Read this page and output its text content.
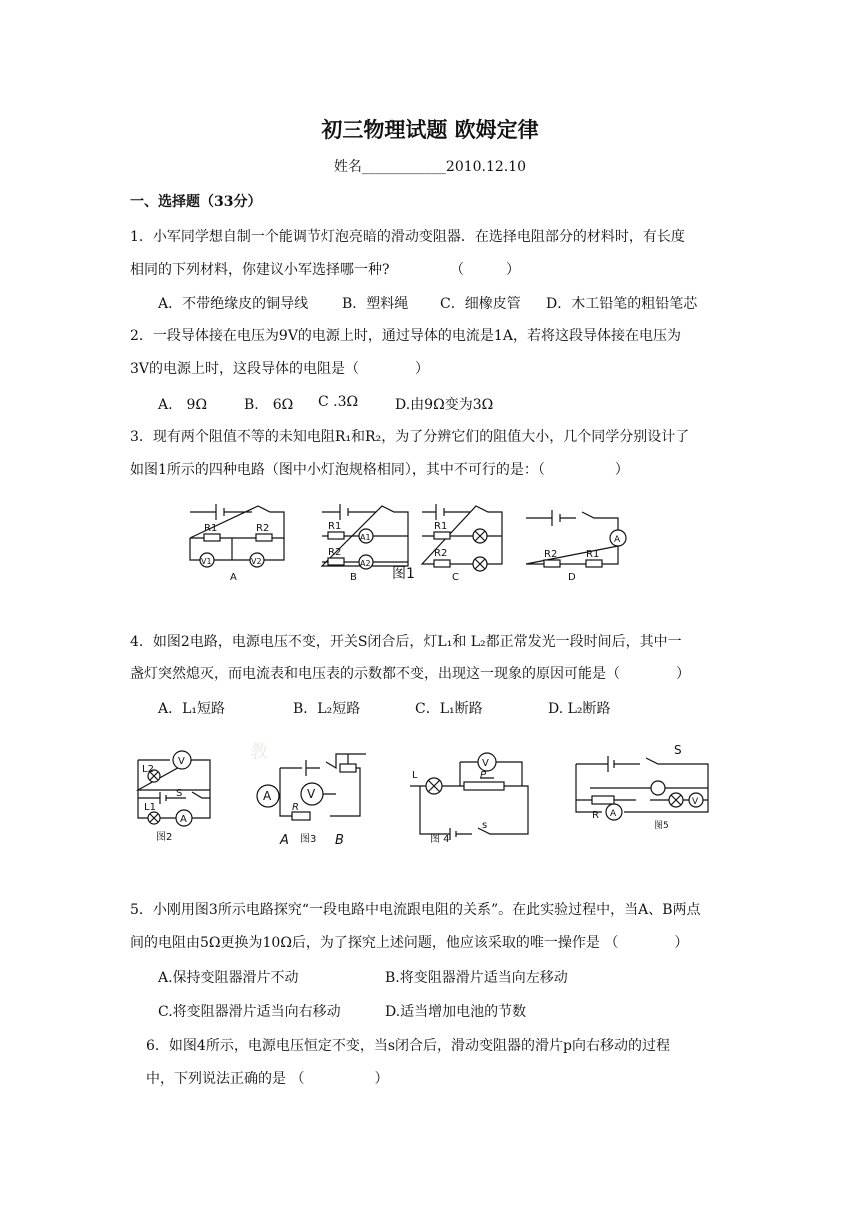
初三物理试题 欧姆定律
姓名____________2010.12.10
一、选择题（33分）
1．小军同学想自制一个能调节灯泡亮暗的滑动变阻器．在选择电阻部分的材料时，有长度
相同的下列材料，你建议小军选择哪一种?　　　　 （　　　）
A．不带绝缘皮的铜导线 B．塑料绳 C．细橡皮管 D．木工铅笔的粗铅笔芯
2．一段导体接在电压为9V的电源上时，通过导体的电流是1A，若将这段导体接在电压为
3V的电源上时，这段导体的电阻是（　　　　）
A.　9Ω	B.　6Ω C .3Ω	D.由9Ω变为3Ω
3．现有两个阻值不等的未知电阻R₁和R₂，为了分辨它们的阻值大小，几个同学分别设计了
如图1所示的四种电路（图中小灯泡规格相同），其中不可行的是：（　　　　　）
R1	R2
V1	V2
A
R1
R2
A1
A2
B	图1
R1
R2
C
R2	R1
A
D
4．如图2电路，电源电压不变，开关S闭合后，灯L₁和 L₂都正常发光一段时间后，其中一
盏灯突然熄灭，而电流表和电压表的示数都不变，出现这一现象的原因可能是（　　　　）
A．L₁短路	B．L₂短路	C．L₁断路	D. L₂断路
教
V
L2
L1
S
A
图2
A	V
R
A 图3 B
L
V
P
s
图 4
S
R A
V
图5
5．小刚用图3所示电路探究“一段电路中电流跟电阻的关系”。在此实验过程中，当A、B两点
间的电阻由5Ω更换为10Ω后，为了探究上述问题，他应该采取的唯一操作是 （　　　　）
A.保持变阻器滑片不动	B.将变阻器滑片适当向左移动
C.将变阻器滑片适当向右移动	D.适当增加电池的节数
6．如图4所示，电源电压恒定不变，当s闭合后，滑动变阻器的滑片p向右移动的过程
中，下列说法正确的是 （　　　　　）
